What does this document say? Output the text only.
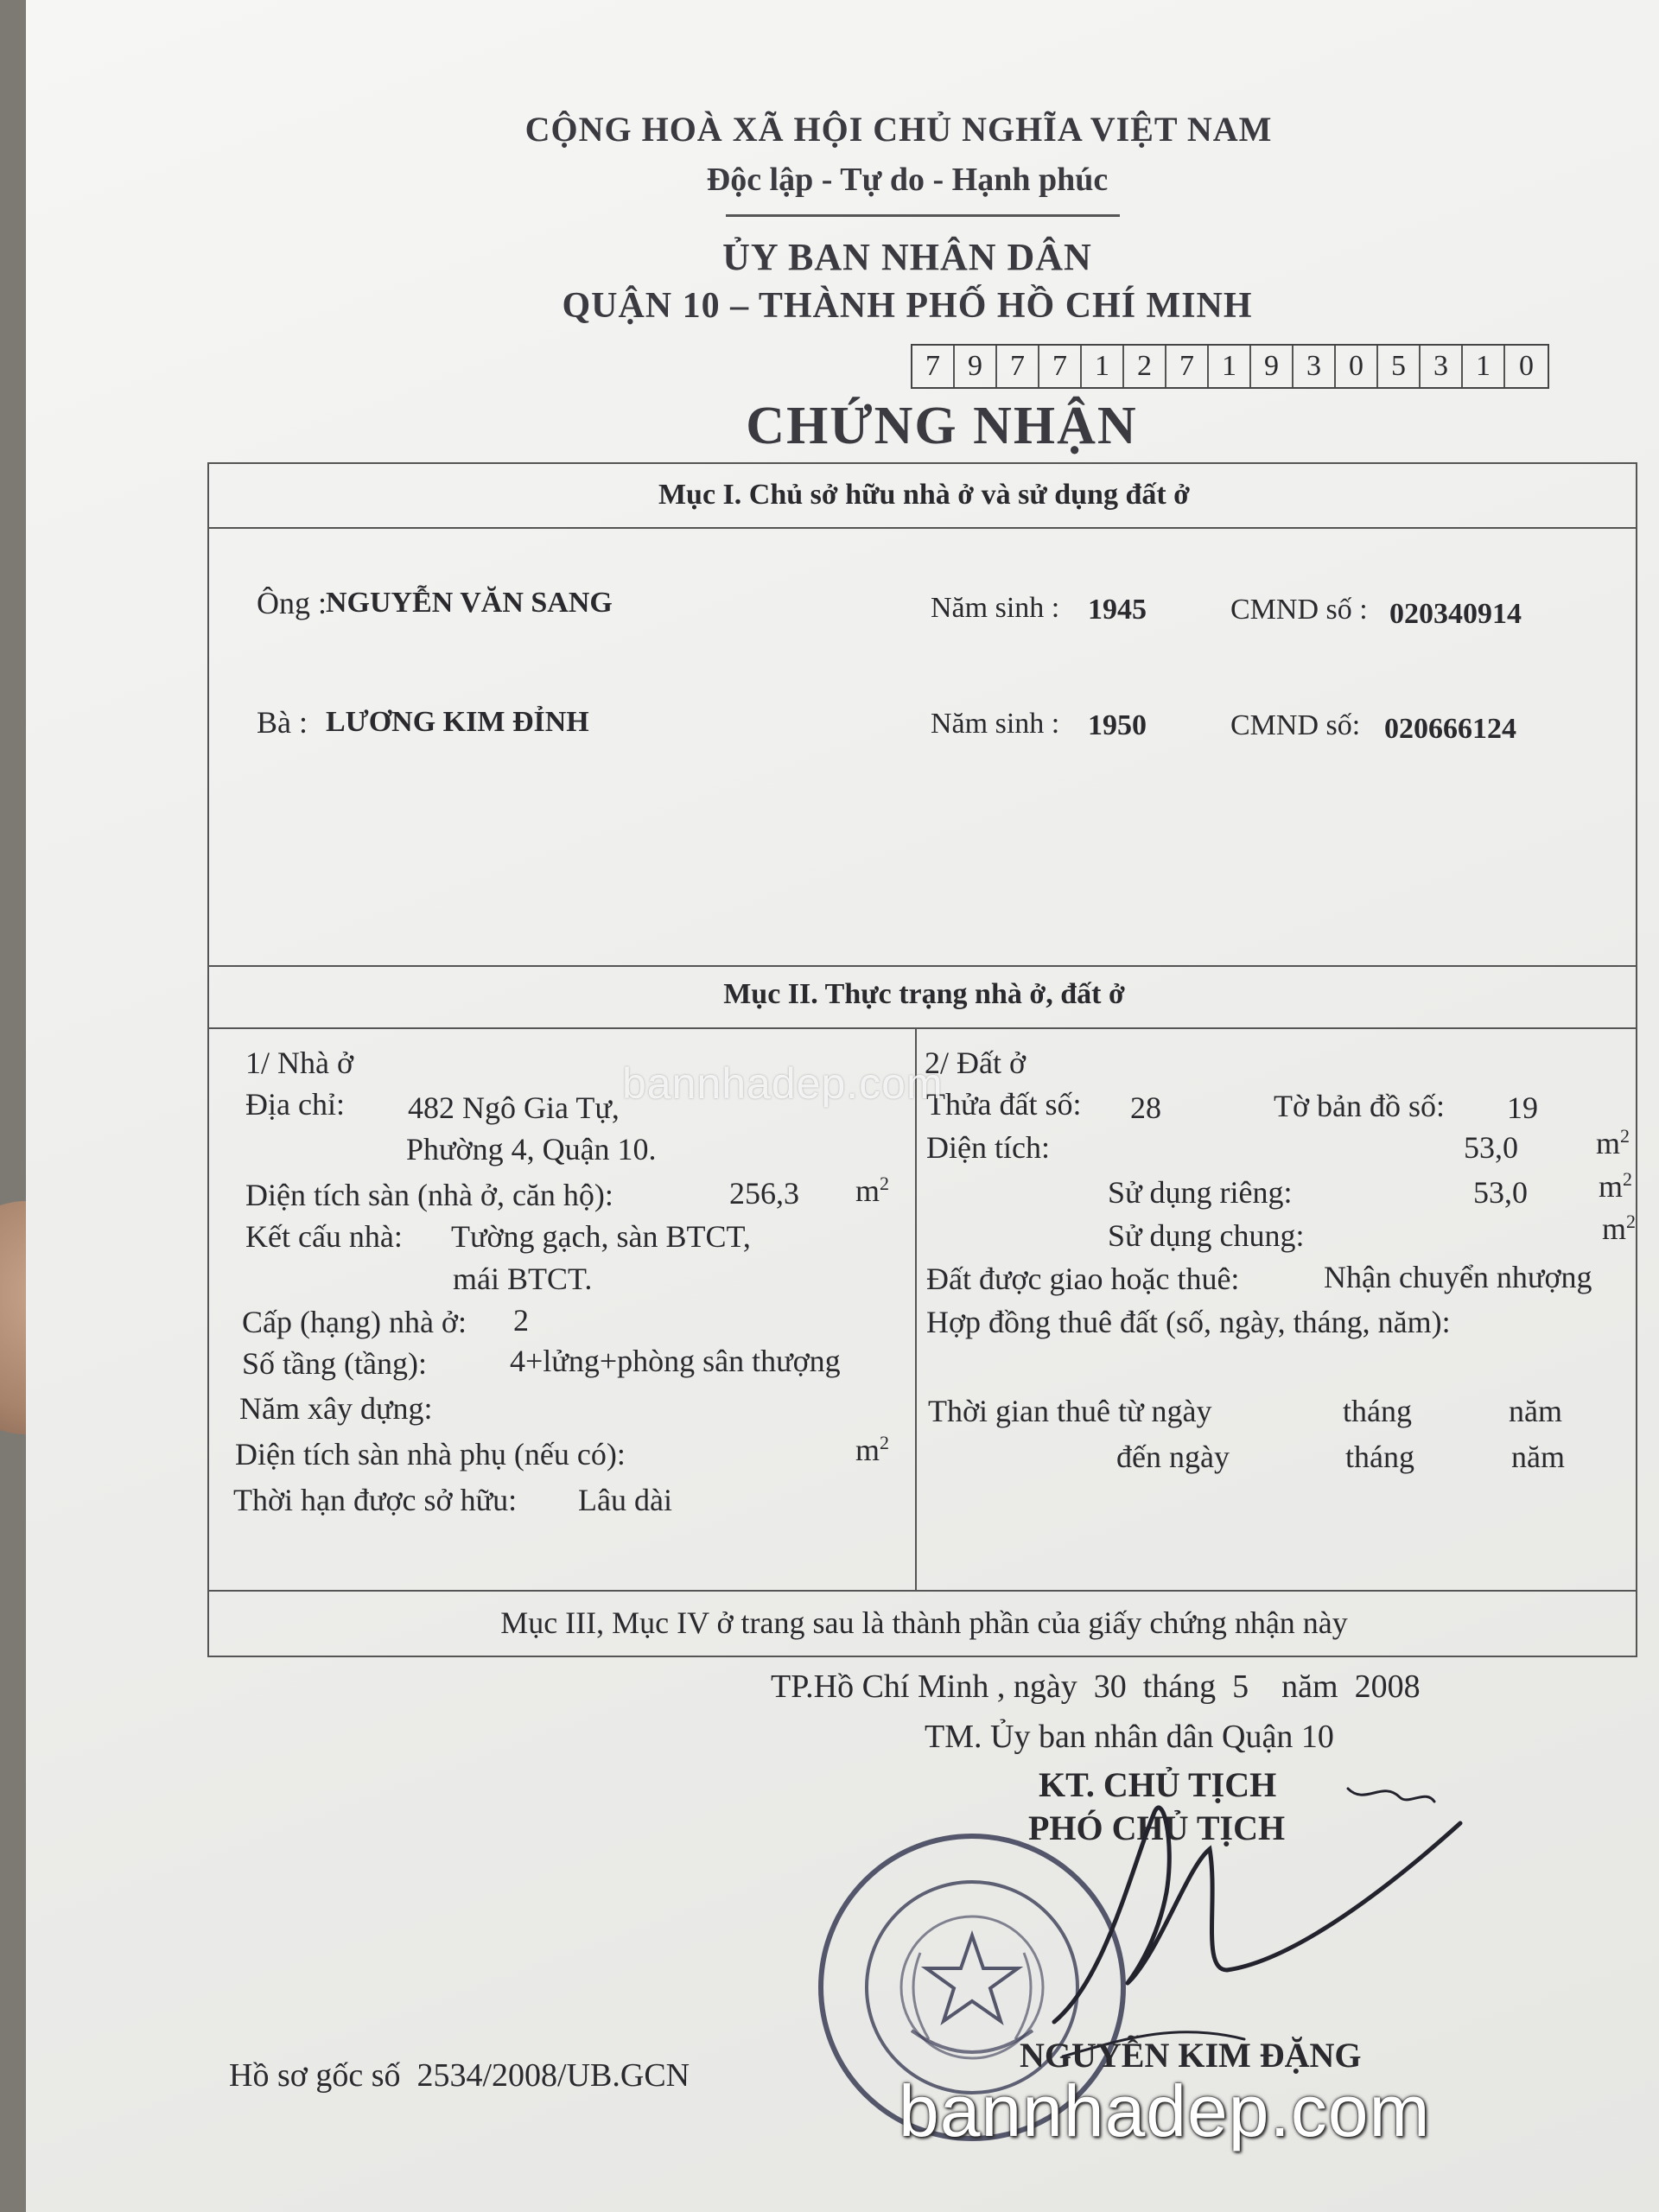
CỘNG HOÀ XÃ HỘI CHỦ NGHĨA VIỆT NAM
Độc lập - Tự do - Hạnh phúc
ỦY BAN NHÂN DÂN
QUẬN 10 – THÀNH PHỐ HỒ CHÍ MINH
7 9 7 7 1 2 7 1 9 3 0 5 3 1 0
CHỨNG NHẬN
Mục I. Chủ sở hữu nhà ở và sử dụng đất ở
Ông : NGUYỄN VĂN SANG	Năm sinh : 1945	CMND số : 020340914
Bà : LƯƠNG KIM ĐỈNH	Năm sinh : 1950	CMND số: 020666124
Mục II. Thực trạng nhà ở, đất ở
1/ Nhà ở
Địa chỉ: 482 Ngô Gia Tự,
Phường 4, Quận 10.
Diện tích sàn (nhà ở, căn hộ):	256,3 $m^2$
Kết cấu nhà: Tường gạch, sàn BTCT,
mái BTCT.
Cấp (hạng) nhà ở: 2
Số tầng (tầng):	4+lửng+phòng sân thượng
Năm xây dựng:
Diện tích sàn nhà phụ (nếu có):	$m^2$
Thời hạn được sở hữu: Lâu dài
2/ Đất ở
Thửa đất số: 28	Tờ bản đồ số: 19
Diện tích:	53,0	$m^2$
Sử dụng riêng:	53,0 $m^2$
Sử dụng chung:	$m^2$
Đất được giao hoặc thuê:	Nhận chuyển nhượng
Hợp đồng thuê đất (số, ngày, tháng, năm):
Thời gian thuê từ ngày	tháng	năm
đến ngày	tháng	năm
Mục III, Mục IV ở trang sau là thành phần của giấy chứng nhận này
bannhadep.com
TP.Hồ Chí Minh , ngày 30 tháng 5 năm 2008
TM. Ủy ban nhân dân Quận 10
KT. CHỦ TỊCH
PHÓ CHỦ TỊCH
NGUYỄN KIM ĐẶNG
Hồ sơ gốc số 2534/2008/UB.GCN	bannhadep.com
